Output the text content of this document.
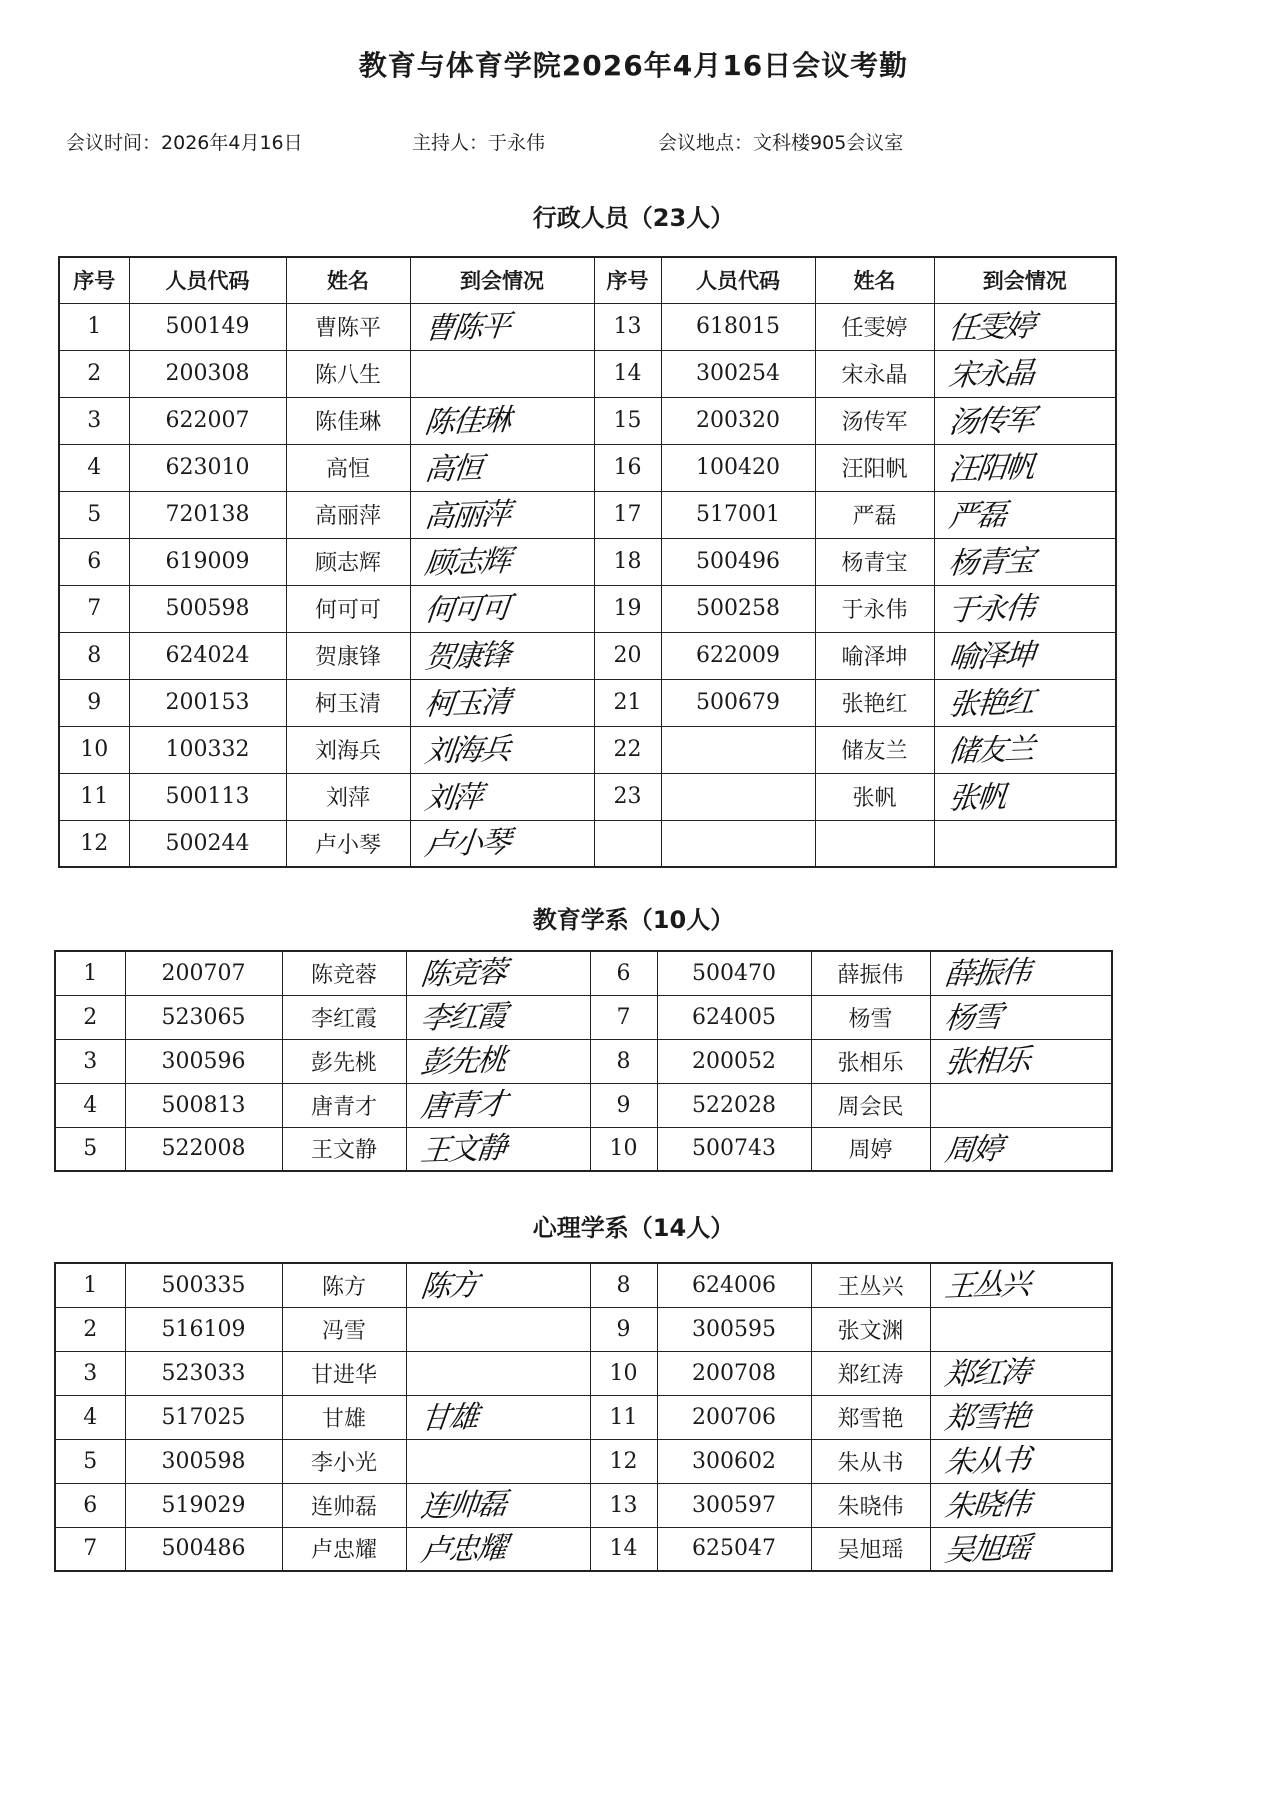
教育与体育学院2026年4月16日会议考勤
会议时间：2026年4月16日	主持人：于永伟	会议地点：文科楼905会议室
行政人员（23人）
序号	人员代码	姓名	到会情况	序号	人员代码	姓名	到会情况
1	500149	曹陈平	曹陈平	13	618015	任雯婷	任雯婷

2	200308	陈八生		14	300254	宋永晶	宋永晶

3	622007	陈佳琳	陈佳琳	15	200320	汤传军	汤传军

4	623010	高恒	高恒	16	100420	汪阳帆	汪阳帆

5	720138	高丽萍	高丽萍	17	517001	严磊	严磊

6	619009	顾志辉	顾志辉	18	500496	杨青宝	杨青宝

7	500598	何可可	何可可	19	500258	于永伟	于永伟

8	624024	贺康锋	贺康锋	20	622009	喻泽坤	喻泽坤

9	200153	柯玉清	柯玉清	21	500679	张艳红	张艳红

10	100332	刘海兵	刘海兵	22		储友兰	储友兰

11	500113	刘萍	刘萍	23		张帆	张帆

12	500244	卢小琴	卢小琴				

教育学系（10人）
1	200707	陈竞蓉	陈竞蓉	6	500470	薛振伟	薛振伟

2	523065	李红霞	李红霞	7	624005	杨雪	杨雪

3	300596	彭先桃	彭先桃	8	200052	张相乐	张相乐

4	500813	唐青才	唐青才	9	522028	周会民	
5	522008	王文静	王文静	10	500743	周婷	周婷
心理学系（14人）
1	500335	陈方	陈方	8	624006	王丛兴	王丛兴

2	516109	冯雪		9	300595	张文渊	
3	523033	甘进华		10	200708	郑红涛	郑红涛

4	517025	甘雄	甘雄	11	200706	郑雪艳	郑雪艳

5	300598	李小光		12	300602	朱从书	朱从书

6	519029	连帅磊	连帅磊	13	300597	朱晓伟	朱晓伟

7	500486	卢忠耀	卢忠耀	14	625047	吴旭瑶	吴旭瑶
